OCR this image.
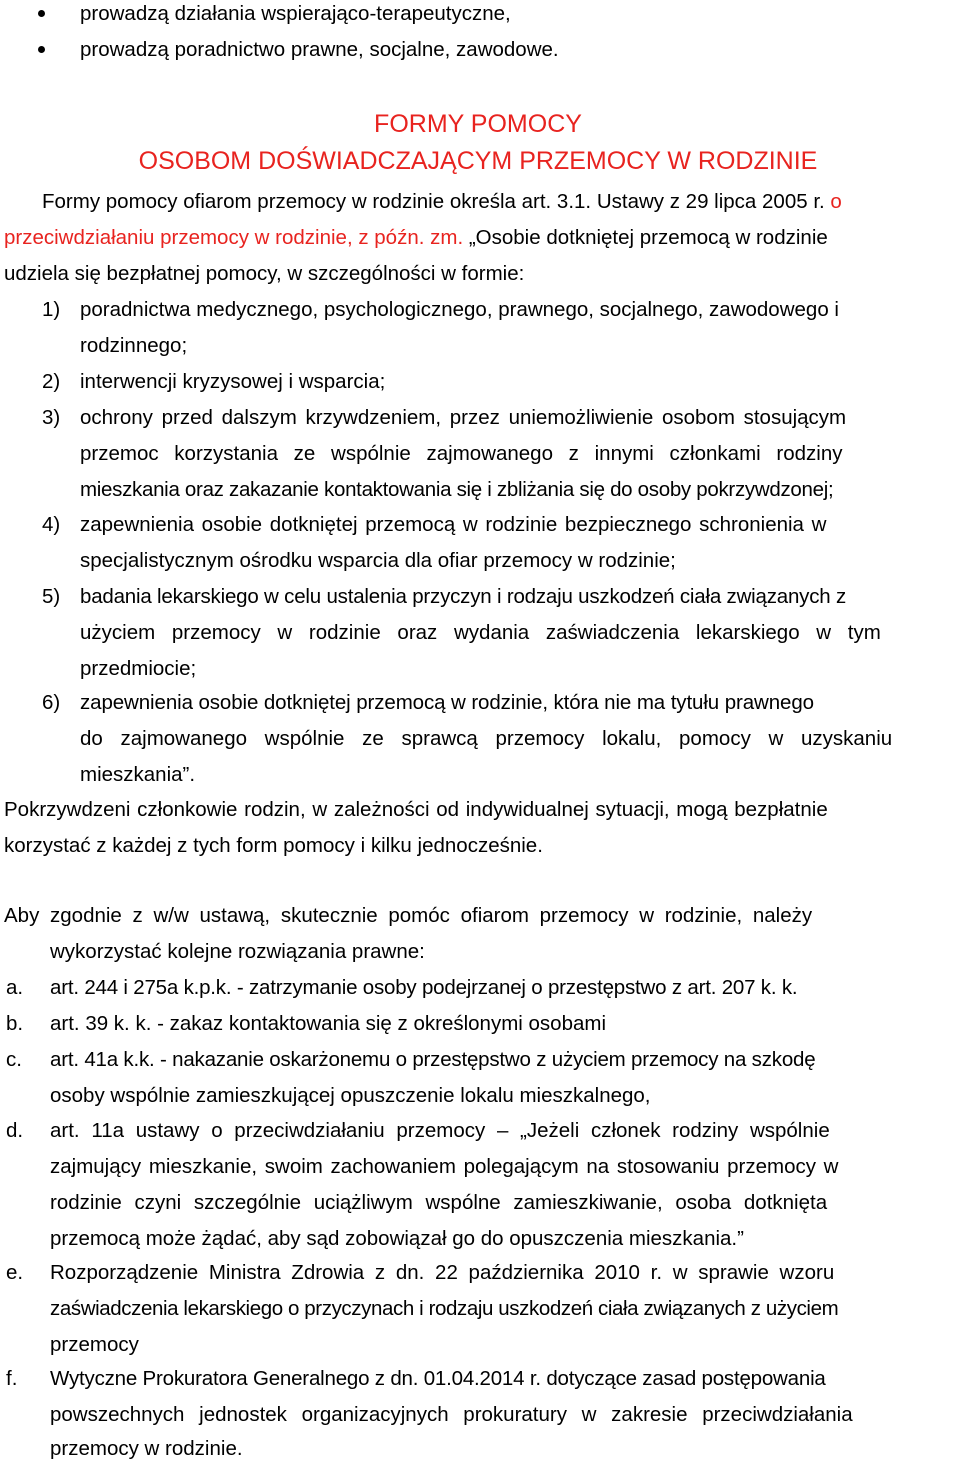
prowadzą działania wspierająco-terapeutyczne,
prowadzą poradnictwo prawne, socjalne, zawodowe.
FORMY POMOCY
OSOBOM DOŚWIADCZAJĄCYM PRZEMOCY W RODZINIE
Formy pomocy ofiarom przemocy w rodzinie określa art. 3.1. Ustawy z 29 lipca 2005 r. o
przeciwdziałaniu przemocy w rodzinie, z późn. zm. „Osobie dotkniętej przemocą w rodzinie
udziela się bezpłatnej pomocy, w szczególności w formie:
1) poradnictwa medycznego, psychologicznego, prawnego, socjalnego, zawodowego i
rodzinnego;
2) interwencji kryzysowej i wsparcia;
3) ochrony przed dalszym krzywdzeniem, przez uniemożliwienie osobom stosującym
przemoc korzystania ze wspólnie zajmowanego z innymi członkami rodziny
mieszkania oraz zakazanie kontaktowania się i zbliżania się do osoby pokrzywdzonej;
4) zapewnienia osobie dotkniętej przemocą w rodzinie bezpiecznego schronienia w
specjalistycznym ośrodku wsparcia dla ofiar przemocy w rodzinie;
5) badania lekarskiego w celu ustalenia przyczyn i rodzaju uszkodzeń ciała związanych z
użyciem przemocy w rodzinie oraz wydania zaświadczenia lekarskiego w tym
przedmiocie;
6) zapewnienia osobie dotkniętej przemocą w rodzinie, która nie ma tytułu prawnego
do zajmowanego wspólnie ze sprawcą przemocy lokalu, pomocy w uzyskaniu
mieszkania”.
Pokrzywdzeni członkowie rodzin, w zależności od indywidualnej sytuacji, mogą bezpłatnie
korzystać z każdej z tych form pomocy i kilku jednocześnie.
Aby zgodnie z w/w ustawą, skutecznie pomóc ofiarom przemocy w rodzinie, należy
wykorzystać kolejne rozwiązania prawne:
a. art. 244 i 275a k.p.k. - zatrzymanie osoby podejrzanej o przestępstwo z art. 207 k. k.
b. art. 39 k. k. - zakaz kontaktowania się z określonymi osobami
c. art. 41a k.k. - nakazanie oskarżonemu o przestępstwo z użyciem przemocy na szkodę
osoby wspólnie zamieszkującej opuszczenie lokalu mieszkalnego,
d. art. 11a ustawy o przeciwdziałaniu przemocy – „Jeżeli członek rodziny wspólnie
zajmujący mieszkanie, swoim zachowaniem polegającym na stosowaniu przemocy w
rodzinie czyni szczególnie uciążliwym wspólne zamieszkiwanie, osoba dotknięta
przemocą może żądać, aby sąd zobowiązał go do opuszczenia mieszkania.”
e. Rozporządzenie Ministra Zdrowia z dn. 22 października 2010 r. w sprawie wzoru
zaświadczenia lekarskiego o przyczynach i rodzaju uszkodzeń ciała związanych z użyciem
przemocy
f. Wytyczne Prokuratora Generalnego z dn. 01.04.2014 r. dotyczące zasad postępowania
powszechnych jednostek organizacyjnych prokuratury w zakresie przeciwdziałania
przemocy w rodzinie.
